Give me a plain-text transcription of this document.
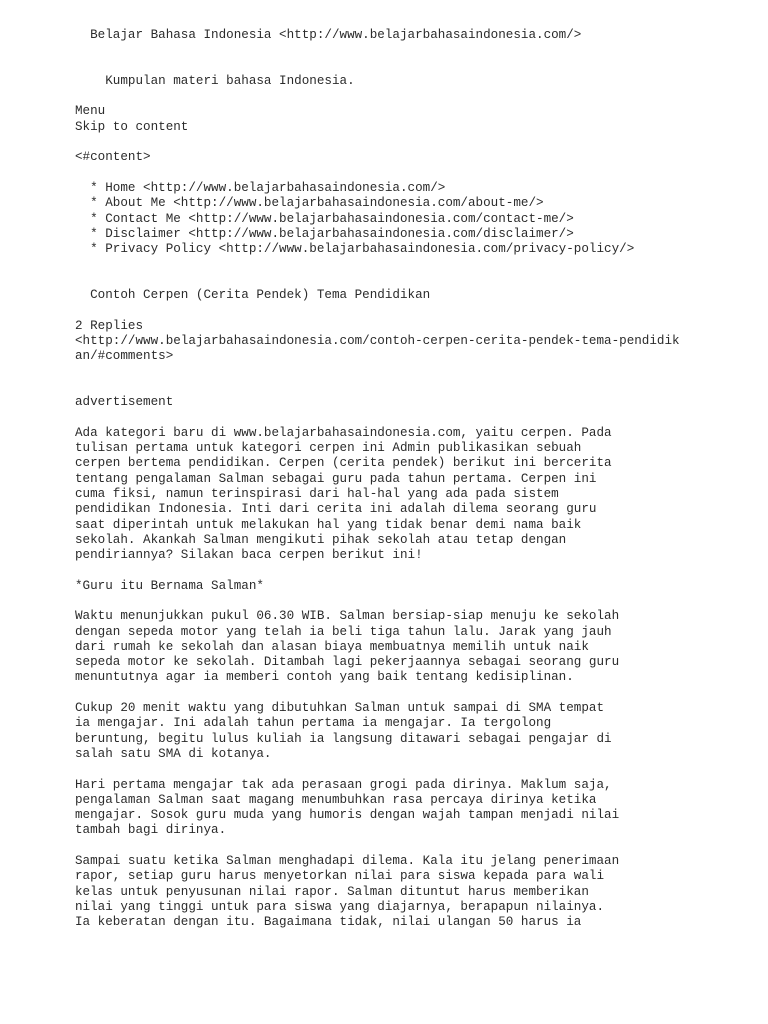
Belajar Bahasa Indonesia <http://www.belajarbahasaindonesia.com/>
Kumpulan materi bahasa Indonesia.
Menu
Skip to content
<#content>
* Home <http://www.belajarbahasaindonesia.com/>
* About Me <http://www.belajarbahasaindonesia.com/about-me/>
* Contact Me <http://www.belajarbahasaindonesia.com/contact-me/>
* Disclaimer <http://www.belajarbahasaindonesia.com/disclaimer/>
* Privacy Policy <http://www.belajarbahasaindonesia.com/privacy-policy/>
Contoh Cerpen (Cerita Pendek) Tema Pendidikan
2 Replies
<http://www.belajarbahasaindonesia.com/contoh-cerpen-cerita-pendek-tema-pendidik
an/#comments>
advertisement
Ada kategori baru di www.belajarbahasaindonesia.com, yaitu cerpen. Pada
tulisan pertama untuk kategori cerpen ini Admin publikasikan sebuah
cerpen bertema pendidikan. Cerpen (cerita pendek) berikut ini bercerita
tentang pengalaman Salman sebagai guru pada tahun pertama. Cerpen ini
cuma fiksi, namun terinspirasi dari hal-hal yang ada pada sistem
pendidikan Indonesia. Inti dari cerita ini adalah dilema seorang guru
saat diperintah untuk melakukan hal yang tidak benar demi nama baik
sekolah. Akankah Salman mengikuti pihak sekolah atau tetap dengan
pendiriannya? Silakan baca cerpen berikut ini!
*Guru itu Bernama Salman*
Waktu menunjukkan pukul 06.30 WIB. Salman bersiap-siap menuju ke sekolah
dengan sepeda motor yang telah ia beli tiga tahun lalu. Jarak yang jauh
dari rumah ke sekolah dan alasan biaya membuatnya memilih untuk naik
sepeda motor ke sekolah. Ditambah lagi pekerjaannya sebagai seorang guru
menuntutnya agar ia memberi contoh yang baik tentang kedisiplinan.
Cukup 20 menit waktu yang dibutuhkan Salman untuk sampai di SMA tempat
ia mengajar. Ini adalah tahun pertama ia mengajar. Ia tergolong
beruntung, begitu lulus kuliah ia langsung ditawari sebagai pengajar di
salah satu SMA di kotanya.
Hari pertama mengajar tak ada perasaan grogi pada dirinya. Maklum saja,
pengalaman Salman saat magang menumbuhkan rasa percaya dirinya ketika
mengajar. Sosok guru muda yang humoris dengan wajah tampan menjadi nilai
tambah bagi dirinya.
Sampai suatu ketika Salman menghadapi dilema. Kala itu jelang penerimaan
rapor, setiap guru harus menyetorkan nilai para siswa kepada para wali
kelas untuk penyusunan nilai rapor. Salman dituntut harus memberikan
nilai yang tinggi untuk para siswa yang diajarnya, berapapun nilainya.
Ia keberatan dengan itu. Bagaimana tidak, nilai ulangan 50 harus ia
